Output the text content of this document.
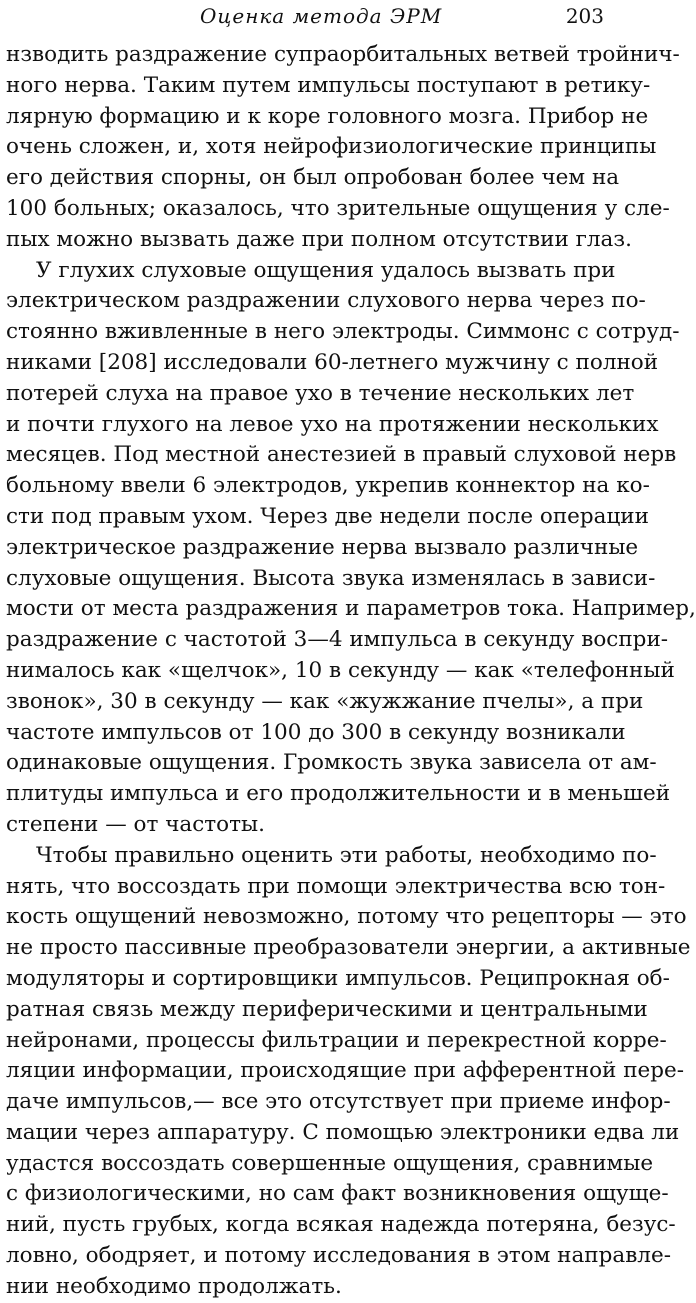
Оценка метода ЭРМ	203
нзводить раздражение супраорбитальных ветвей тройнич-
ного нерва. Таким путем импульсы поступают в ретику-
лярную формацию и к коре головного мозга. Прибор не
очень сложен, и, хотя нейрофизиологические принципы
его действия спорны, он был опробован более чем на
100 больных; оказалось, что зрительные ощущения у сле-
пых можно вызвать даже при полном отсутствии глаз.
У глухих слуховые ощущения удалось вызвать при
электрическом раздражении слухового нерва через по-
стоянно вживленные в него электроды. Симмонс с сотруд-
никами [208] исследовали 60-летнего мужчину с полной
потерей слуха на правое ухо в течение нескольких лет
и почти глухого на левое ухо на протяжении нескольких
месяцев. Под местной анестезией в правый слуховой нерв
больному ввели 6 электродов, укрепив коннектор на ко-
сти под правым ухом. Через две недели после операции
электрическое раздражение нерва вызвало различные
слуховые ощущения. Высота звука изменялась в зависи-
мости от места раздражения и параметров тока. Например,
раздражение с частотой 3—4 импульса в секунду воспри-
нималось как «щелчок», 10 в секунду — как «телефонный
звонок», 30 в секунду — как «жужжание пчелы», а при
частоте импульсов от 100 до 300 в секунду возникали
одинаковые ощущения. Громкость звука зависела от ам-
плитуды импульса и его продолжительности и в меньшей
степени — от частоты.
Чтобы правильно оценить эти работы, необходимо по-
нять, что воссоздать при помощи электричества всю тон-
кость ощущений невозможно, потому что рецепторы — это
не просто пассивные преобразователи энергии, а активные
модуляторы и сортировщики импульсов. Реципрокная об-
ратная связь между периферическими и центральными
нейронами, процессы фильтрации и перекрестной корре-
ляции информации, происходящие при афферентной пере-
даче импульсов,— все это отсутствует при приеме инфор-
мации через аппаратуру. С помощью электроники едва ли
удастся воссоздать совершенные ощущения, сравнимые
с физиологическими, но сам факт возникновения ощуще-
ний, пусть грубых, когда всякая надежда потеряна, безус-
ловно, ободряет, и потому исследования в этом направле-
нии необходимо продолжать.
